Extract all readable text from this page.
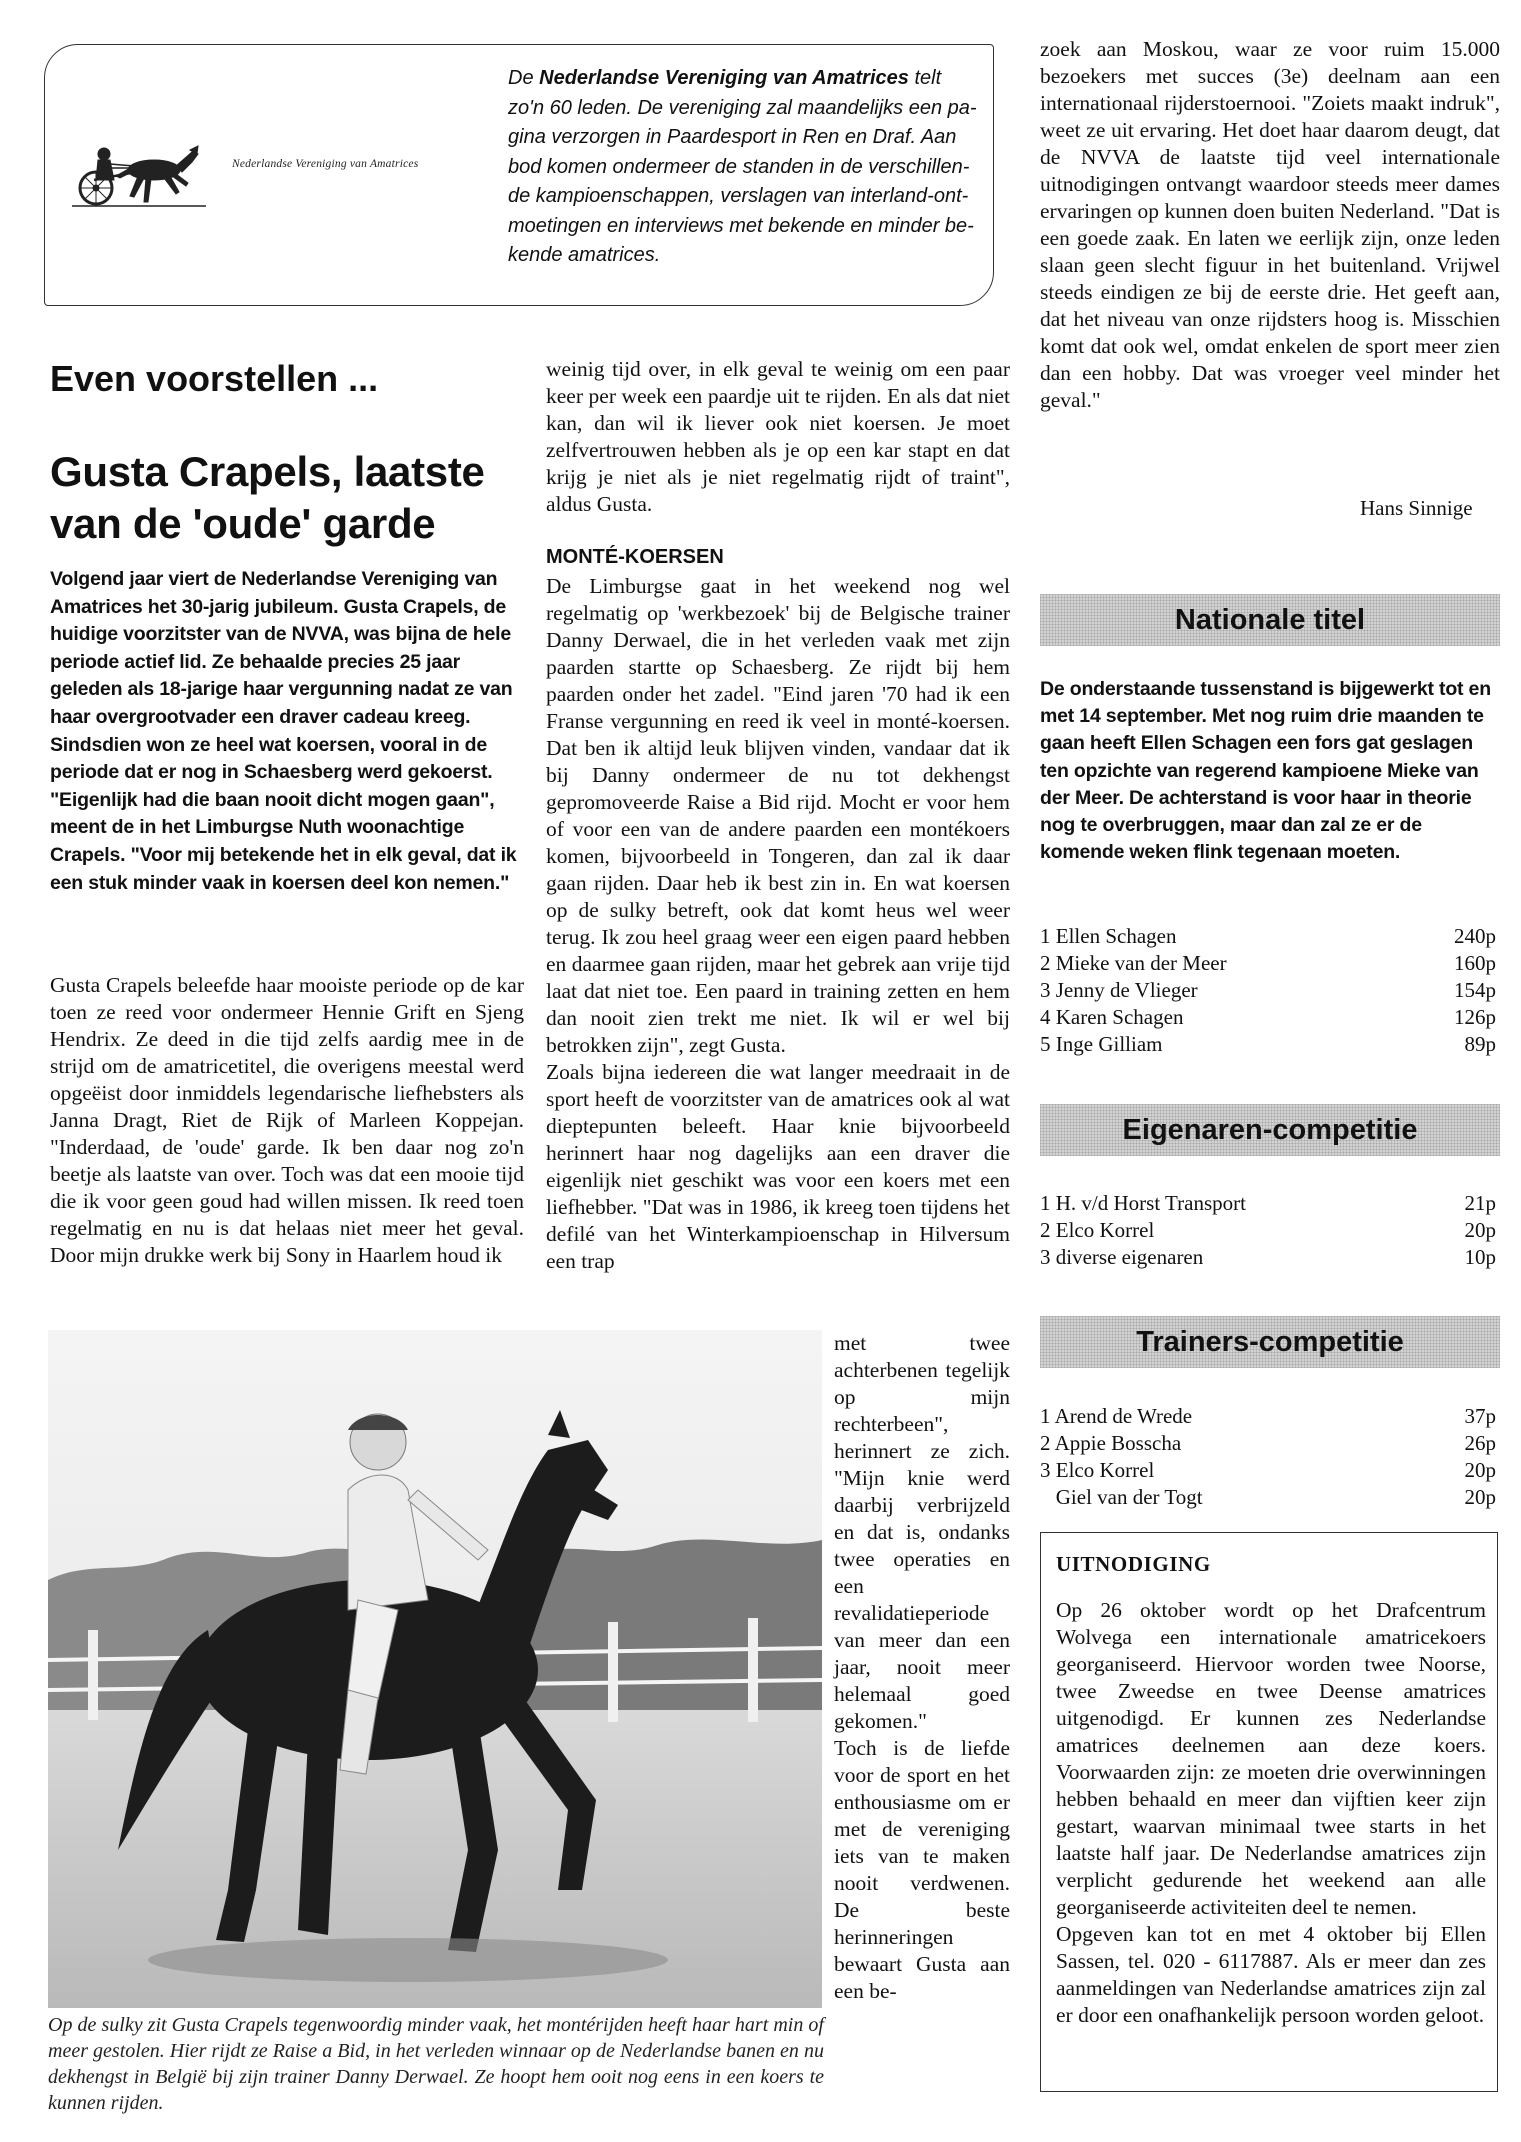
Nederlandse Vereniging van Amatrices
De Nederlandse Vereniging van Amatrices telt
zo'n 60 leden. De vereniging zal maandelijks een pa-
gina verzorgen in Paardesport in Ren en Draf. Aan
bod komen ondermeer de standen in de verschillen-
de kampioenschappen, verslagen van interland-ont-
moetingen en interviews met bekende en minder be-
kende amatrices.
Even voorstellen ...
Gusta Crapels, laatste
van de 'oude' garde
Volgend jaar viert de Nederlandse Vereniging van Amatrices het 30-jarig jubileum. Gusta Crapels, de huidige voorzitster van de NVVA, was bijna de hele periode actief lid. Ze behaalde precies 25 jaar geleden als 18-jarige haar vergunning nadat ze van haar overgrootvader een draver cadeau kreeg. Sindsdien won ze heel wat koersen, vooral in de periode dat er nog in Schaesberg werd gekoerst. "Eigenlijk had die baan nooit dicht mogen gaan", meent de in het Limburgse Nuth woonachtige Crapels. "Voor mij betekende het in elk geval, dat ik een stuk minder vaak in koersen deel kon nemen."
Gusta Crapels beleefde haar mooiste periode op de kar toen ze reed voor ondermeer Hennie Grift en Sjeng Hendrix. Ze deed in die tijd zelfs aardig mee in de strijd om de amatricetitel, die overigens meestal werd opgeëist door inmiddels legendarische liefhebsters als Janna Dragt, Riet de Rijk of Marleen Koppejan. "Inderdaad, de 'oude' garde. Ik ben daar nog zo'n beetje als laatste van over. Toch was dat een mooie tijd die ik voor geen goud had willen missen. Ik reed toen regelmatig en nu is dat helaas niet meer het geval. Door mijn drukke werk bij Sony in Haarlem houd ik
weinig tijd over, in elk geval te weinig om een paar keer per week een paardje uit te rijden. En als dat niet kan, dan wil ik liever ook niet koersen. Je moet zelfvertrouwen hebben als je op een kar stapt en dat krijg je niet als je niet regelmatig rijdt of traint", aldus Gusta.
MONTÉ-KOERSEN

De Limburgse gaat in het weekend nog wel regelmatig op 'werkbezoek' bij de Belgische trainer Danny Derwael, die in het verleden vaak met zijn paarden startte op Schaesberg. Ze rijdt bij hem paarden onder het zadel. "Eind jaren '70 had ik een Franse vergunning en reed ik veel in monté-koersen. Dat ben ik altijd leuk blijven vinden, vandaar dat ik bij Danny ondermeer de nu tot dekhengst gepromoveerde Raise a Bid rijd. Mocht er voor hem of voor een van de andere paarden een montékoers komen, bijvoorbeeld in Tongeren, dan zal ik daar gaan rijden. Daar heb ik best zin in. En wat koersen op de sulky betreft, ook dat komt heus wel weer terug. Ik zou heel graag weer een eigen paard hebben en daarmee gaan rijden, maar het gebrek aan vrije tijd laat dat niet toe. Een paard in training zetten en hem dan nooit zien trekt me niet. Ik wil er wel bij betrokken zijn", zegt Gusta.

Zoals bijna iedereen die wat langer meedraait in de sport heeft de voorzitster van de amatrices ook al wat dieptepunten beleeft. Haar knie bijvoorbeeld herinnert haar nog dagelijks aan een draver die eigenlijk niet geschikt was voor een koers met een liefhebber. "Dat was in 1986, ik kreeg toen tijdens het defilé van het Winterkampioenschap in Hilversum een trap

met twee achterbenen tegelijk op mijn rechterbeen", herinnert ze zich. "Mijn knie werd daarbij verbrijzeld en dat is, ondanks twee operaties en een revalidatieperiode van meer dan een jaar, nooit meer helemaal goed gekomen."

Toch is de liefde voor de sport en het enthousiasme om er met de vereniging iets van te maken nooit verdwenen. De beste herinneringen bewaart Gusta aan een be-

Op de sulky zit Gusta Crapels tegenwoordig minder vaak, het montérijden heeft haar hart min of meer gestolen. Hier rijdt ze Raise a Bid, in het verleden winnaar op de Nederlandse banen en nu dekhengst in België bij zijn trainer Danny Derwael. Ze hoopt hem ooit nog eens in een koers te kunnen rijden.
zoek aan Moskou, waar ze voor ruim 15.000 bezoekers met succes (3e) deelnam aan een internationaal rijderstoernooi. "Zoiets maakt indruk", weet ze uit ervaring. Het doet haar daarom deugt, dat de NVVA de laatste tijd veel internationale uitnodigingen ontvangt waardoor steeds meer dames ervaringen op kunnen doen buiten Nederland. "Dat is een goede zaak. En laten we eerlijk zijn, onze leden slaan geen slecht figuur in het buitenland. Vrijwel steeds eindigen ze bij de eerste drie. Het geeft aan, dat het niveau van onze rijdsters hoog is. Misschien komt dat ook wel, omdat enkelen de sport meer zien dan een hobby. Dat was vroeger veel minder het geval."
Hans Sinnige
Nationale titel
De onderstaande tussenstand is bijgewerkt tot en met 14 september. Met nog ruim drie maanden te gaan heeft Ellen Schagen een fors gat geslagen ten opzichte van regerend kampioene Mieke van der Meer. De achterstand is voor haar in theorie nog te overbruggen, maar dan zal ze er de komende weken flink tegenaan moeten.
1 Ellen Schagen	240p
2 Mieke van der Meer	160p
3 Jenny de Vlieger	154p
4 Karen Schagen	126p
5 Inge Gilliam	89p
Eigenaren-competitie
1 H. v/d Horst Transport	21p
2 Elco Korrel	20p
3 diverse eigenaren	10p
Trainers-competitie
1 Arend de Wrede	37p
2 Appie Bosscha	26p
3 Elco Korrel	20p
Giel van der Togt	20p
UITNODIGING

Op 26 oktober wordt op het Drafcentrum Wolvega een internationale amatricekoers georganiseerd. Hiervoor worden twee Noorse, twee Zweedse en twee Deense amatrices uitgenodigd. Er kunnen zes Nederlandse amatrices deelnemen aan deze koers. Voorwaarden zijn: ze moeten drie overwinningen hebben behaald en meer dan vijftien keer zijn gestart, waarvan minimaal twee starts in het laatste half jaar. De Nederlandse amatrices zijn verplicht gedurende het weekend aan alle georganiseerde activiteiten deel te nemen.

Opgeven kan tot en met 4 oktober bij Ellen Sassen, tel. 020 - 6117887. Als er meer dan zes aanmeldingen van Nederlandse amatrices zijn zal er door een onafhankelijk persoon worden geloot.
